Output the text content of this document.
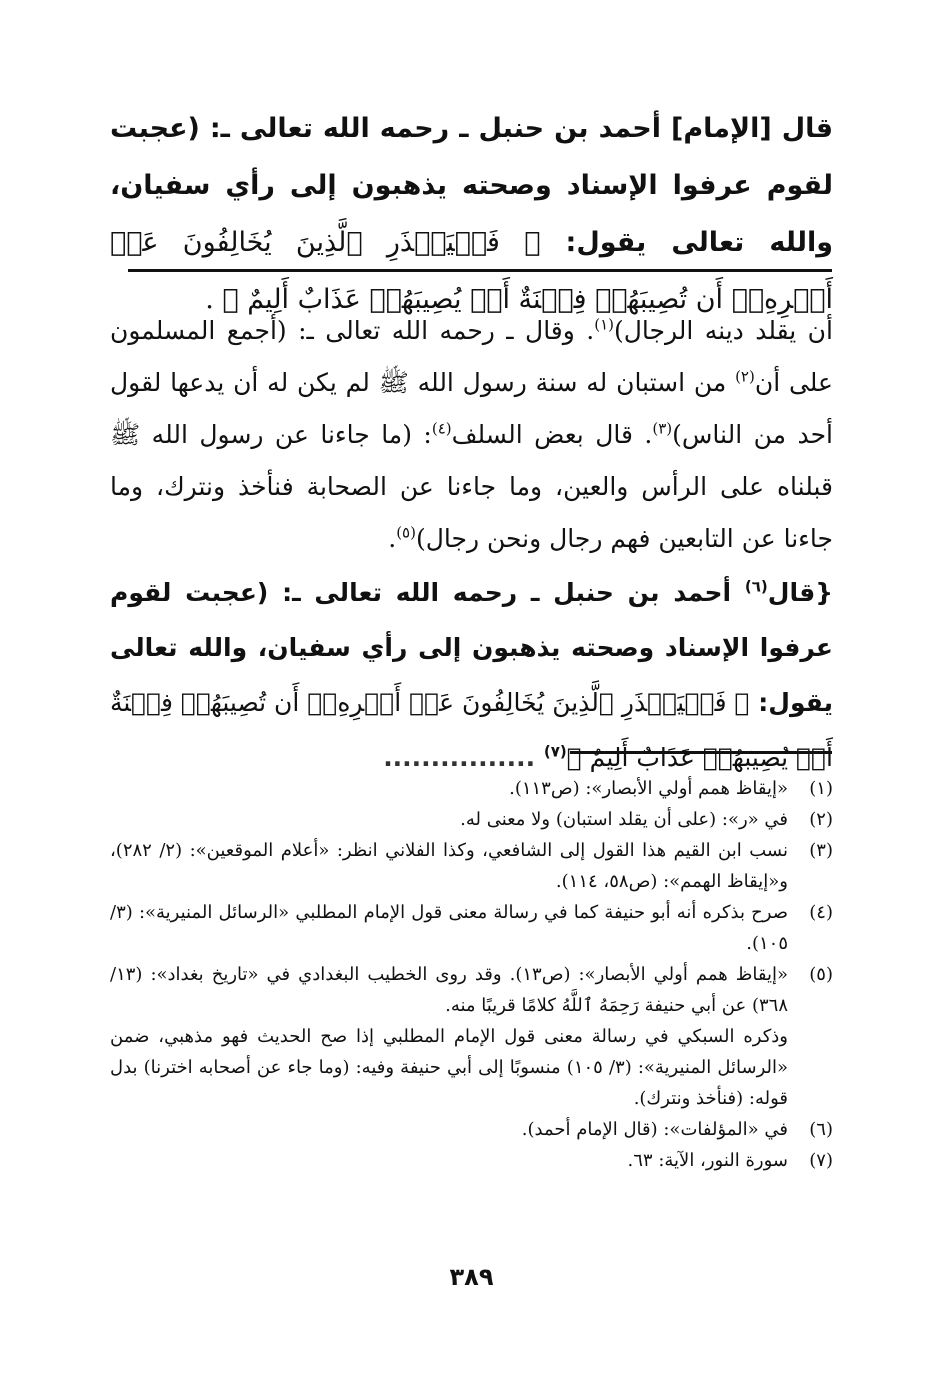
قال [الإمام] أحمد بن حنبل ـ رحمه الله تعالى ـ: (عجبت لقوم عرفوا الإسناد وصحته يذهبون إلى رأي سفيان، والله تعالى يقول: ﴿ فَلۡيَحۡذَرِ ٱلَّذِينَ يُخَالِفُونَ عَنۡ أَمۡرِهِۦٓ أَن تُصِيبَهُمۡ فِتۡنَةٌ أَوۡ يُصِيبَهُمۡ عَذَابٌ أَلِيمٌ ﴾ .

أن يقلد دينه الرجال)$^{(١)}$. وقال ـ رحمه الله تعالى ـ: (أجمع المسلمون على أن$^{(٢)}$ من استبان له سنة رسول الله ﷺ لم يكن له أن يدعها لقول أحد من الناس)$^{(٣)}$. قال بعض السلف$^{(٤)}$: (ما جاءنا عن رسول الله ﷺ قبلناه على الرأس والعين، وما جاءنا عن الصحابة فنأخذ ونترك، وما جاءنا عن التابعين فهم رجال ونحن رجال)$^{(٥)}$.

{قال$^{(٦)}$ أحمد بن حنبل ـ رحمه الله تعالى ـ: (عجبت لقوم عرفوا الإسناد وصحته يذهبون إلى رأي سفيان، والله تعالى يقول: ﴿ فَلۡيَحۡذَرِ ٱلَّذِينَ يُخَالِفُونَ عَنۡ أَمۡرِهِۦٓ أَن تُصِيبَهُمۡ فِتۡنَةٌ أَوۡ يُصِيبَهُمۡ عَذَابٌ أَلِيمٌ ﴾$^{(٧)}$ ................

(١)
«إيقاظ همم أولي الأبصار»: (ص١١٣).
(٢)
في «ر»: (على أن يقلد استبان) ولا معنى له.
(٣)
نسب ابن القيم هذا القول إلى الشافعي، وكذا الفلاني انظر: «أعلام الموقعين»: (٢/ ٢٨٢)، و«إيقاظ الهمم»: (ص٥٨، ١١٤).
(٤)
صرح بذكره أنه أبو حنيفة كما في رسالة معنى قول الإمام المطلبي «الرسائل المنيرية»: (٣/ ١٠٥).
(٥)
«إيقاظ همم أولي الأبصار»: (ص١٣). وقد روى الخطيب البغدادي في «تاريخ بغداد»: (١٣/ ٣٦٨) عن أبي حنيفة رَحِمَهُ ٱللَّهُ كلامًا قريبًا منه.
وذكره السبكي في رسالة معنى قول الإمام المطلبي إذا صح الحديث فهو مذهبي، ضمن «الرسائل المنيرية»: (٣/ ١٠٥) منسوبًا إلى أبي حنيفة وفيه: (وما جاء عن أصحابه اخترنا) بدل قوله: (فنأخذ ونترك).
(٦)
في «المؤلفات»: (قال الإمام أحمد).
(٧)
سورة النور، الآية: ٦٣.
٣٨٩
